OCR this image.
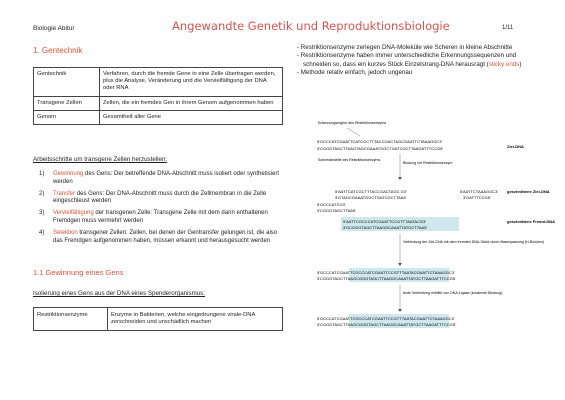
Biologie Abitur	Angewandte Genetik und Reproduktionsbiologie	1/11
1. Gentechnik
Gentechnik	Verfahren, durch die fremde Gene in eine Zelle übertragen werden, plus die Analyse, Veränderung und die Vervielfältigung der DNA oder RNA
Transgene Zellen	Zellen, die ein fremdes Gen in ihrem Genom aufgenommen haben
Genom	Gesamtheit aller Gene
Arbeitsschritte um transgene Zellen herzustellen:
1) Gewinnung des Gens: Der betreffende DNA-Abschnitt muss isoliert oder synthetisiert werden
2) Transfer des Gens: Der DNA-Abschnitt muss durch die Zellmembran in die Zelle eingeschleust werden
3) Vervielfältigung der transgenen Zelle: Transgene Zelle mit dem darin enthaltenen Fremdgen muss vermehrt werden
4) Selektion transgener Zellen: Zellen, bei denen der Gentransfer gelungen ist, die also das Fremdgen aufgenommen haben, müssen erkannt und herausgesucht werden
1.1 Gewinnung eines Gens
Isolierung eines Gens aus der DNA eines Spenderorganismus:
Restriktionsenzyme	Enzyme in Bakterien, welche eingedrungene virale-DNA zerschneiden und unschädlich machen
- Restriktionsenzyme zerlegen DNA-Moleküle wie Scheren in kleine Abschnitte
- Restriktionsenzyme haben immer unterschiedliche Erkennungssequenzen und schneiden so, dass ein kurzes Stück Einzelstrang-DNA herausragt (sticky ends)
- Methode relativ einfach, jedoch ungenau
Erkennungsregion des Restriktionsenzyms
5'GCCCATCGAATTCATCGCTTTACCGACTAGCGAATTCTAAAGGC3'
3'CGGGTAGCTTAAGTAGCGAAATGGCTGATCGCTTAAGATTTCCG5'	Ziel-DNA
Schneidestelle des Restriktionsenzyms
Bindung mit Restriktionsenzym
5'AATTCATCGCTTTACCGACTAGC G3'
3'GTAGCGAAATGGCTGATCGCTTAA5'
5'GCCCATCG3'
3'CGGGTAGCTTAA5'
5'AATTCTAAAGGC3'
3'GATTTCCG5'
geschnittene Ziel-DNA
5'AATTCGCCCATCGAATTCCGTTTAATACG3'
3'GCGGGTAGCTTAAGGCAAATTATGCTTAA5'
geschnittene Fremd-DNA
Verbindung der Ziel-DNA mit dem fremden DNA-Stück durch Basenpaarung (H-Brücken)
5'GCCCATCGAATTCGCCCATCGAATTCCGTTTAATACGAATTCTAAAGGC3'
3'CGGGTAGCTTAAGCGGGTAGCTTAAGGCAAATTATGCTTAAGATTTCCG5'
feste Verbindung mithilfe von DNA-Ligase (kovalente Bindung)
5'GCCCATCGAATTCGCCCATCGAATTCCGTTTAATACGAATTCTAAAGGC3'
3'CGGGTAGCTTAAGCGGGTAGCTTAAGGCAAATTATGCTTAAGATTTCCG5'
